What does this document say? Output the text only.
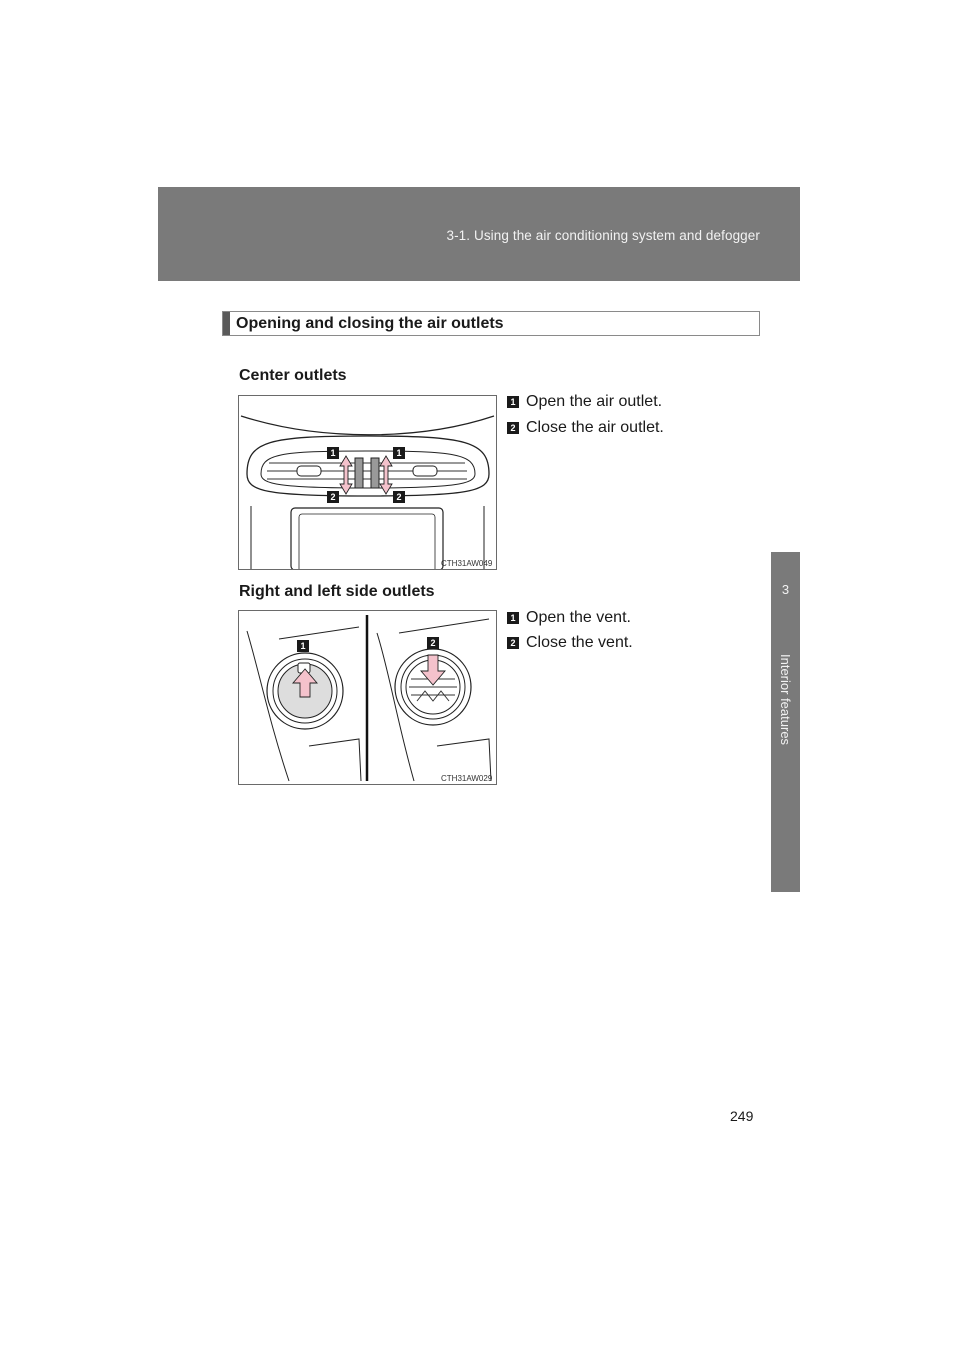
3-1. Using the air conditioning system and defogger
3
Interior features
Opening and closing the air outlets
Center outlets
1 Open the air outlet.
2 Close the air outlet.
1	1
2	2
CTH31AW049
Right and left side outlets
1 Open the vent.
2 Close the vent.
1	2
CTH31AW029
249
